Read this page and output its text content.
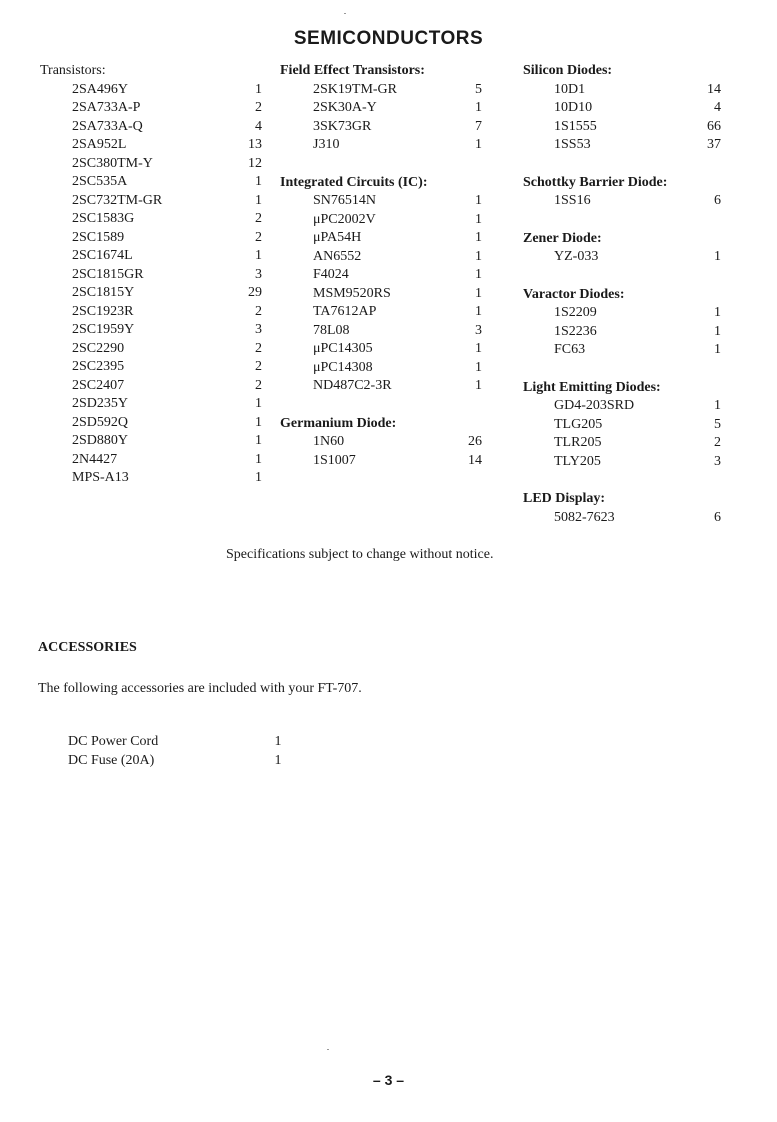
SEMICONDUCTORS
Transistors:
2SA496Y	1
2SA733A-P	2
2SA733A-Q	4
2SA952L	13
2SC380TM-Y	12
2SC535A	1
2SC732TM-GR	1
2SC1583G	2
2SC1589	2
2SC1674L	1
2SC1815GR	3
2SC1815Y	29
2SC1923R	2
2SC1959Y	3
2SC2290	2
2SC2395	2
2SC2407	2
2SD235Y	1
2SD592Q	1
2SD880Y	1
2N4427	1
MPS-A13	1
Field Effect Transistors:
2SK19TM-GR	5
2SK30A-Y	1
3SK73GR	7
J310	1
Integrated Circuits (IC):
SN76514N	1
μPC2002V	1
μPA54H	1
AN6552	1
F4024	1
MSM9520RS	1
TA7612AP	1
78L08	3
μPC14305	1
μPC14308	1
ND487C2-3R	1
Germanium Diode:
1N60	26
1S1007	14
Silicon Diodes:
10D1	14
10D10	4
1S1555	66
1SS53	37
Schottky Barrier Diode:
1SS16	6
Zener Diode:
YZ-033	1
Varactor Diodes:
1S2209	1
1S2236	1
FC63	1
Light Emitting Diodes:
GD4-203SRD	1
TLG205	5
TLR205	2
TLY205	3
LED Display:
5082-7623	6
Specifications subject to change without notice.
ACCESSORIES
The following accessories are included with your FT-707.
DC Power Cord	1
DC Fuse (20A)	1
– 3 –
